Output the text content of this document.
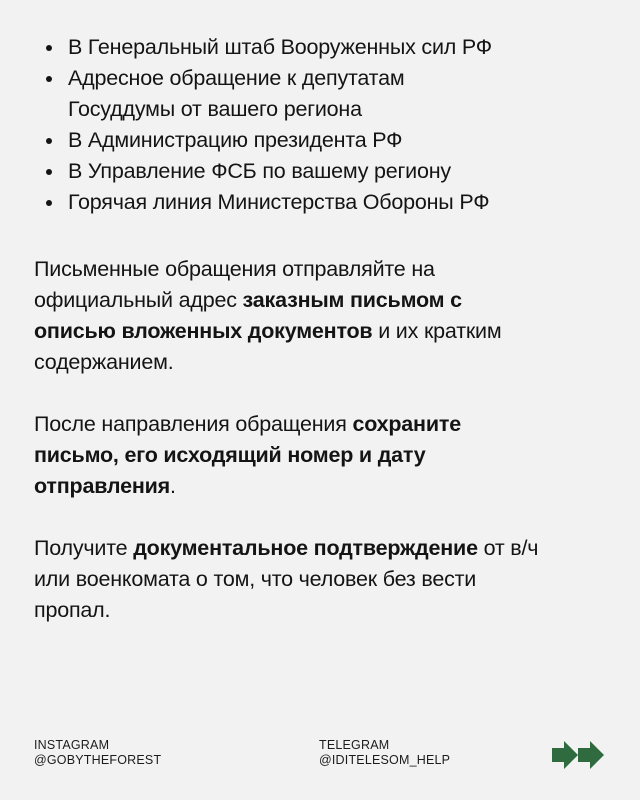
В Генеральный штаб Вооруженных сил РФ
Адресное обращение к депутатам Госуддумы от вашего региона
В Администрацию президента РФ
В Управление ФСБ по вашему региону
Горячая линия Министерства Обороны РФ

Письменные обращения отправляйте на официальный адрес заказным письмом с описью вложенных документов и их кратким содержанием.

После направления обращения сохраните письмо, его исходящий номер и дату отправления.

Получите документальное подтверждение от в/ч или военкомата о том, что человек без вести пропал.

INSTAGRAM
@GOBYTHEFOREST
TELEGRAM
@IDITELESOM_HELP
